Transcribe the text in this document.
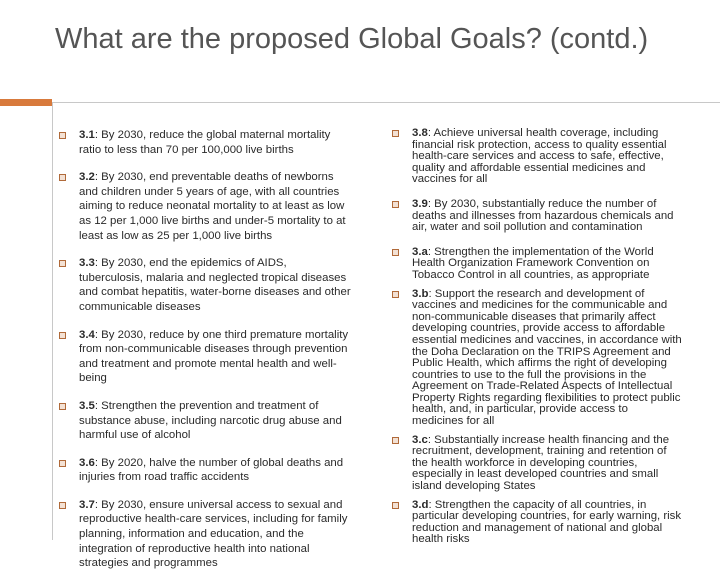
What are the proposed Global Goals? (contd.)
3.1: By 2030, reduce the global maternal mortality ratio to less than 70 per 100,000 live births
3.2: By 2030, end preventable deaths of newborns and children under 5 years of age, with all countries aiming to reduce neonatal mortality to at least as low as 12 per 1,000 live births and under-5 mortality to at least as low as 25 per 1,000 live births
3.3: By 2030, end the epidemics of AIDS, tuberculosis, malaria and neglected tropical diseases and combat hepatitis, water-borne diseases and other communicable diseases
3.4: By 2030, reduce by one third premature mortality from non-communicable diseases through prevention and treatment and promote mental health and well-being
3.5: Strengthen the prevention and treatment of substance abuse, including narcotic drug abuse and harmful use of alcohol
3.6: By 2020, halve the number of global deaths and injuries from road traffic accidents
3.7: By 2030, ensure universal access to sexual and reproductive health-care services, including for family planning, information and education, and the integration of reproductive health into national strategies and programmes
3.8: Achieve universal health coverage, including financial risk protection, access to quality essential health-care services and access to safe, effective, quality and affordable essential medicines and vaccines for all
3.9: By 2030, substantially reduce the number of deaths and illnesses from hazardous chemicals and air, water and soil pollution and contamination
3.a: Strengthen the implementation of the World Health Organization Framework Convention on Tobacco Control in all countries, as appropriate
3.b: Support the research and development of vaccines and medicines for the communicable and non-communicable diseases that primarily affect developing countries, provide access to affordable essential medicines and vaccines, in accordance with the Doha Declaration on the TRIPS Agreement and Public Health, which affirms the right of developing countries to use to the full the provisions in the Agreement on Trade-Related Aspects of Intellectual Property Rights regarding flexibilities to protect public health, and, in particular, provide access to medicines for all
3.c: Substantially increase health financing and the recruitment, development, training and retention of the health workforce in developing countries, especially in least developed countries and small island developing States
3.d: Strengthen the capacity of all countries, in particular developing countries, for early warning, risk reduction and management of national and global health risks
